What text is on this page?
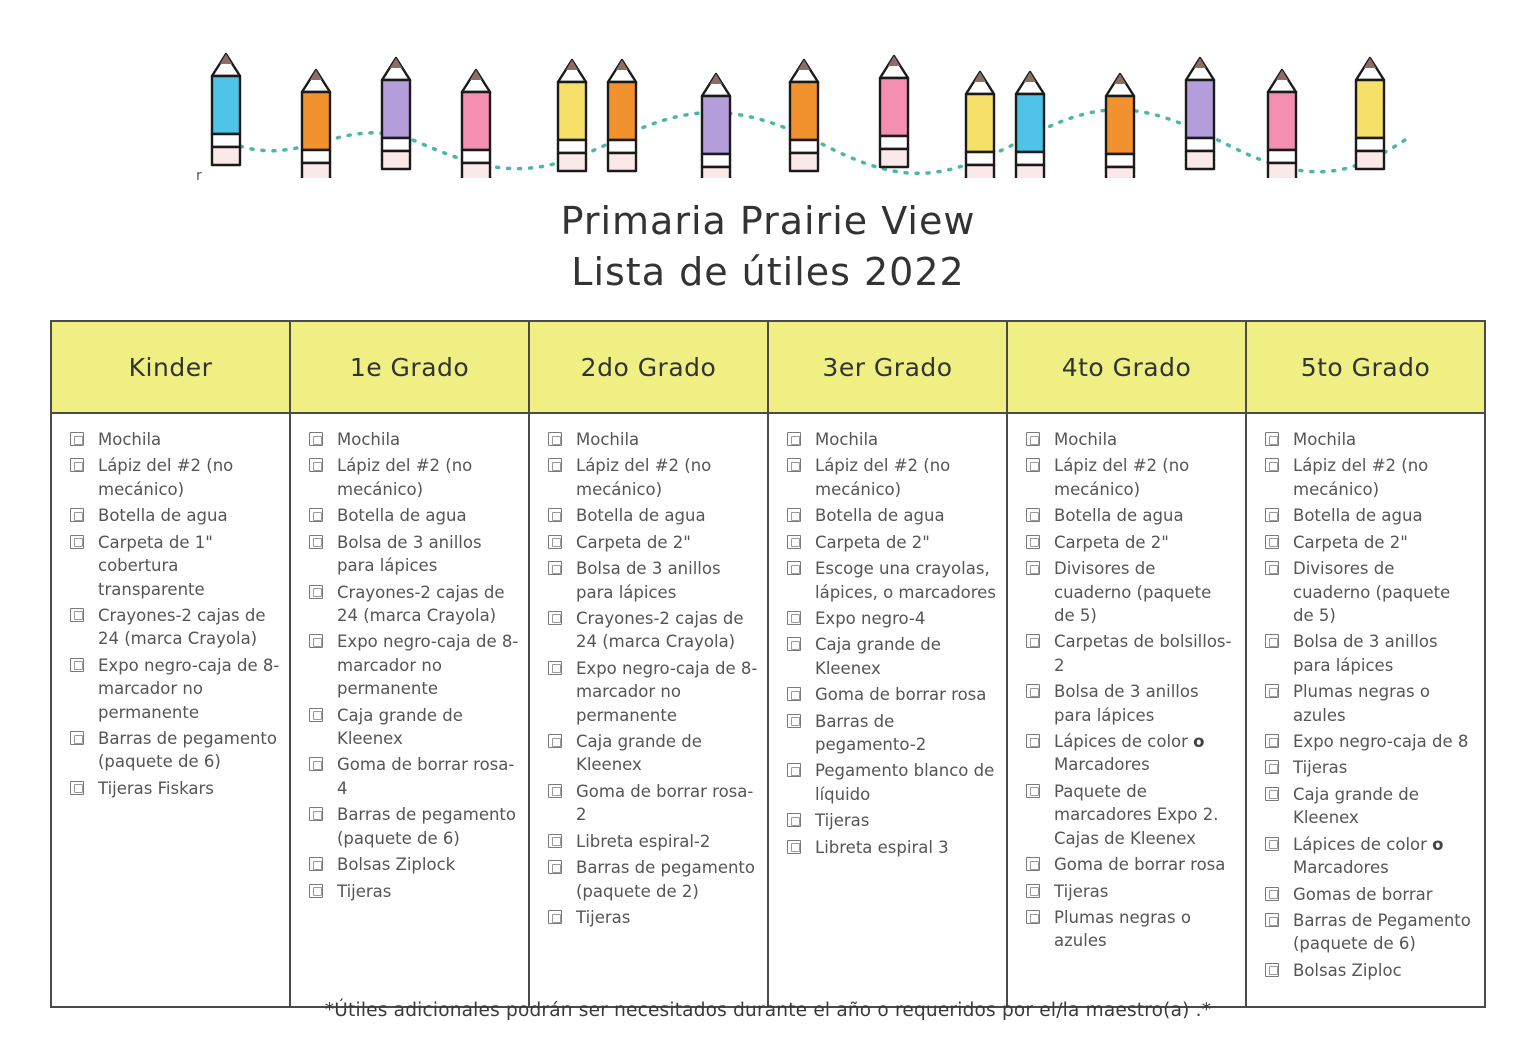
r
Primaria Prairie View
Lista de útiles 2022
Kinder	1e Grado	2do Grado	3er Grado	4to Grado	5to Grado

Mochila
Lápiz del #2 (no mecánico)
Botella de agua
Carpeta de 1" cobertura transparente
Crayones-2 cajas de 24 (marca Crayola)
Expo negro-caja de 8-marcador no permanente
Barras de pegamento (paquete de 6)
Tijeras Fiskars

Mochila
Lápiz del #2 (no mecánico)
Botella de agua
Bolsa de 3 anillos para lápices
Crayones-2 cajas de 24 (marca Crayola)
Expo negro-caja de 8-marcador no permanente
Caja grande de Kleenex
Goma de borrar rosa-4
Barras de pegamento (paquete de 6)
Bolsas Ziplock
Tijeras

Mochila
Lápiz del #2 (no mecánico)
Botella de agua
Carpeta de 2"
Bolsa de 3 anillos para lápices
Crayones-2 cajas de 24 (marca Crayola)
Expo negro-caja de 8-marcador no permanente
Caja grande de Kleenex
Goma de borrar rosa-2
Libreta espiral-2
Barras de pegamento (paquete de 2)
Tijeras

Mochila
Lápiz del #2 (no mecánico)
Botella de agua
Carpeta de 2"
Escoge una crayolas, lápices, o marcadores
Expo negro-4
Caja grande de Kleenex
Goma de borrar rosa
Barras de pegamento-2
Pegamento blanco de líquido
Tijeras
Libreta espiral 3

Mochila
Lápiz del #2 (no mecánico)
Botella de agua
Carpeta de 2"
Divisores de cuaderno (paquete de 5)
Carpetas de bolsillos-2
Bolsa de 3 anillos para lápices
Lápices de color o Marcadores
Paquete de marcadores Expo 2. Cajas de Kleenex
Goma de borrar rosa
Tijeras
Plumas negras o azules

Mochila
Lápiz del #2 (no mecánico)
Botella de agua
Carpeta de 2"
Divisores de cuaderno (paquete de 5)
Bolsa de 3 anillos para lápices
Plumas negras o azules
Expo negro-caja de 8
Tijeras
Caja grande de Kleenex
Lápices de color o Marcadores
Gomas de borrar
Barras de Pegamento (paquete de 6)
Bolsas Ziploc
*Útiles adicionales podrán ser necesitados durante el año o requeridos por el/la maestro(a) .*
